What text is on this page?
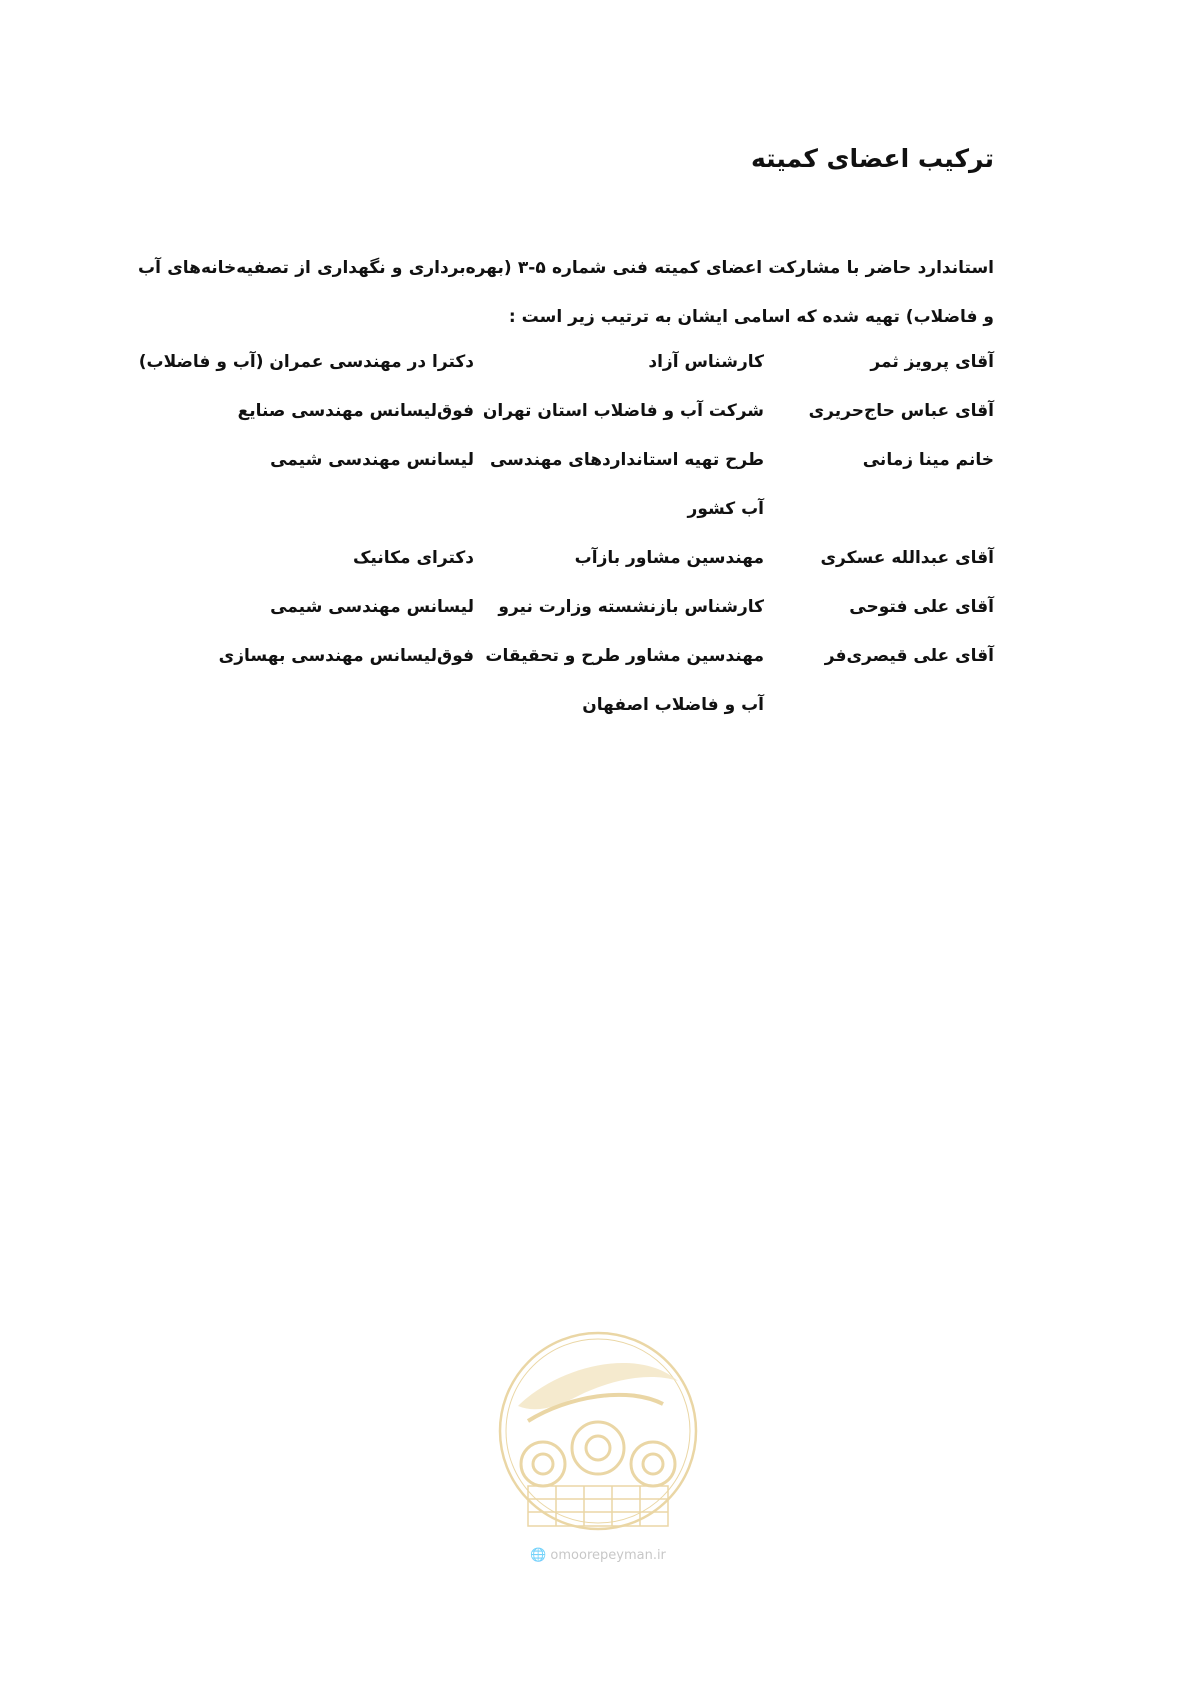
ترکیب اعضای کمیته
استاندارد حاضر با مشارکت اعضای کمیته فنی شماره ۵-۳ (بهره‌برداری و نگهداری از تصفیه‌خانه‌های آب و فاضلاب) تهیه شده که اسامی ایشان به ترتیب زیر است :
آقای پرویز ثمر
کارشناس آزاد
دکترا در مهندسی عمران (آب و فاضلاب)
آقای عباس حاج‌حریری
شرکت آب و فاضلاب استان تهران
فوق‌لیسانس مهندسی صنایع
خانم مینا زمانی
طرح تهیه استانداردهای مهندسی آب کشور
لیسانس مهندسی شیمی
آقای عبدالله عسکری
مهندسین مشاور بازآب
دکترای مکانیک
آقای علی فتوحی
کارشناس بازنشسته وزارت نیرو
لیسانس مهندسی شیمی
آقای علی قیصری‌فر
مهندسین مشاور طرح و تحقیقات آب و فاضلاب اصفهان
فوق‌لیسانس مهندسی بهسازی
🌐 omoorepeyman.ir
